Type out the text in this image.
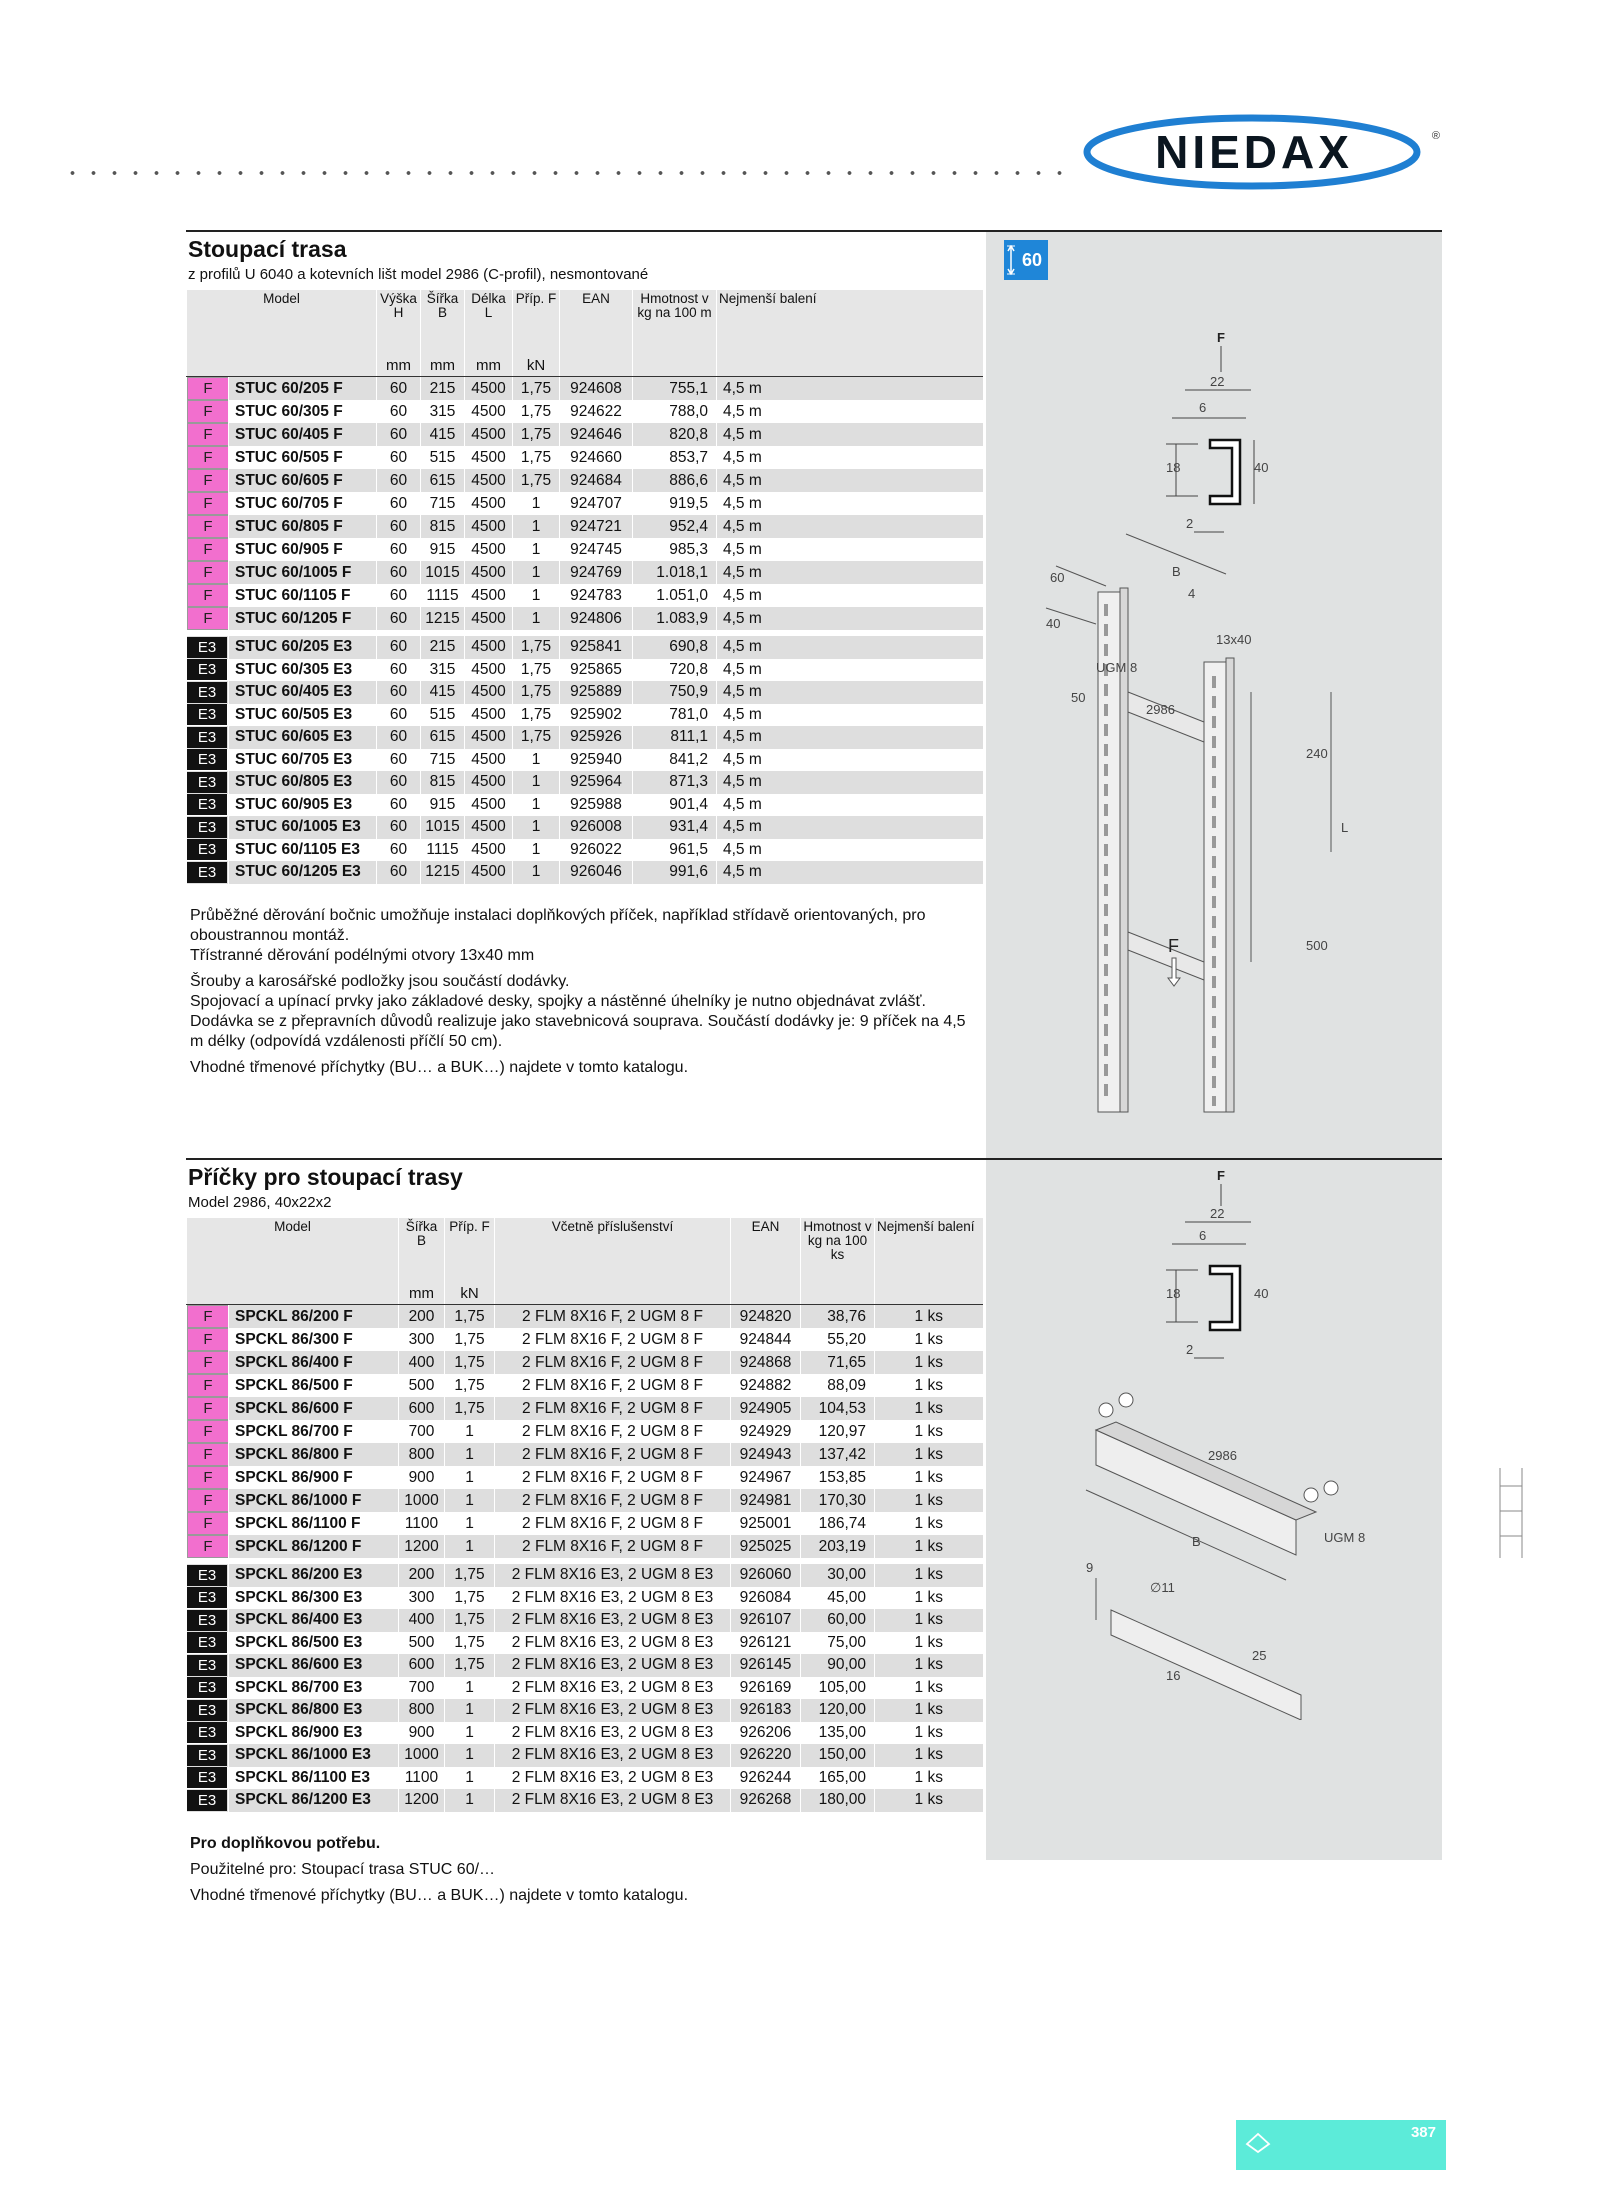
NIEDAX	®
Stoupací trasa
z profilů U 6040 a kotevních lišt model 2986 (C-profil), nesmontované
60
Model		Výška H	Šířka B	Délka L	Příp. F	EAN	Hmotnost v kg na 100 m	Nejmenší balení
		mm	mm	mm	kN			

F	STUC 60/205 F	60	215	4500	1,75	924608	755,1	4,5 m

F	STUC 60/305 F	60	315	4500	1,75	924622	788,0	4,5 m

F	STUC 60/405 F	60	415	4500	1,75	924646	820,8	4,5 m

F	STUC 60/505 F	60	515	4500	1,75	924660	853,7	4,5 m

F	STUC 60/605 F	60	615	4500	1,75	924684	886,6	4,5 m

F	STUC 60/705 F	60	715	4500	1	924707	919,5	4,5 m

F	STUC 60/805 F	60	815	4500	1	924721	952,4	4,5 m

F	STUC 60/905 F	60	915	4500	1	924745	985,3	4,5 m

F	STUC 60/1005 F	60	1015	4500	1	924769	1.018,1	4,5 m

F	STUC 60/1105 F	60	1115	4500	1	924783	1.051,0	4,5 m

F	STUC 60/1205 F	60	1215	4500	1	924806	1.083,9	4,5 m

E3	STUC 60/205 E3	60	215	4500	1,75	925841	690,8	4,5 m

E3	STUC 60/305 E3	60	315	4500	1,75	925865	720,8	4,5 m

E3	STUC 60/405 E3	60	415	4500	1,75	925889	750,9	4,5 m

E3	STUC 60/505 E3	60	515	4500	1,75	925902	781,0	4,5 m

E3	STUC 60/605 E3	60	615	4500	1,75	925926	811,1	4,5 m

E3	STUC 60/705 E3	60	715	4500	1	925940	841,2	4,5 m

E3	STUC 60/805 E3	60	815	4500	1	925964	871,3	4,5 m

E3	STUC 60/905 E3	60	915	4500	1	925988	901,4	4,5 m

E3	STUC 60/1005 E3	60	1015	4500	1	926008	931,4	4,5 m

E3	STUC 60/1105 E3	60	1115	4500	1	926022	961,5	4,5 m

E3	STUC 60/1205 E3	60	1215	4500	1	926046	991,6	4,5 m

Průběžné děrování bočnic umožňuje instalaci doplňkových příček, například střídavě orientovaných, pro oboustrannou montáž.

Třístranné děrování podélnými otvory 13x40 mm

Šrouby a karosářské podložky jsou součástí dodávky.

Spojovací a upínací prvky jako základové desky, spojky a nástěnné úhelníky je nutno objednávat zvlášť.

Dodávka se z přepravních důvodů realizuje jako stavebnicová souprava. Součástí dodávky je: 9 příček na 4,5 m délky (odpovídá vzdálenosti příčlí 50 cm).

Vhodné třmenové příchytky (BU… a BUK…) najdete v tomto katalogu.

F
22
6
18	40
2
60
40
B
4
13x40
UGM 8
50
2986
240
L
500
F
Příčky pro stoupací trasy
Model 2986, 40x22x2
Model		Šířka B	Příp. F	Včetně příslušenství	EAN	Hmotnost v kg na 100 ks	Nejmenší balení
		mm	kN				

F	SPCKL 86/200 F	200	1,75	2 FLM 8X16 F, 2 UGM 8 F	924820	38,76	1 ks

F	SPCKL 86/300 F	300	1,75	2 FLM 8X16 F, 2 UGM 8 F	924844	55,20	1 ks

F	SPCKL 86/400 F	400	1,75	2 FLM 8X16 F, 2 UGM 8 F	924868	71,65	1 ks

F	SPCKL 86/500 F	500	1,75	2 FLM 8X16 F, 2 UGM 8 F	924882	88,09	1 ks

F	SPCKL 86/600 F	600	1,75	2 FLM 8X16 F, 2 UGM 8 F	924905	104,53	1 ks

F	SPCKL 86/700 F	700	1	2 FLM 8X16 F, 2 UGM 8 F	924929	120,97	1 ks

F	SPCKL 86/800 F	800	1	2 FLM 8X16 F, 2 UGM 8 F	924943	137,42	1 ks

F	SPCKL 86/900 F	900	1	2 FLM 8X16 F, 2 UGM 8 F	924967	153,85	1 ks

F	SPCKL 86/1000 F	1000	1	2 FLM 8X16 F, 2 UGM 8 F	924981	170,30	1 ks

F	SPCKL 86/1100 F	1100	1	2 FLM 8X16 F, 2 UGM 8 F	925001	186,74	1 ks

F	SPCKL 86/1200 F	1200	1	2 FLM 8X16 F, 2 UGM 8 F	925025	203,19	1 ks

E3	SPCKL 86/200 E3	200	1,75	2 FLM 8X16 E3, 2 UGM 8 E3	926060	30,00	1 ks

E3	SPCKL 86/300 E3	300	1,75	2 FLM 8X16 E3, 2 UGM 8 E3	926084	45,00	1 ks

E3	SPCKL 86/400 E3	400	1,75	2 FLM 8X16 E3, 2 UGM 8 E3	926107	60,00	1 ks

E3	SPCKL 86/500 E3	500	1,75	2 FLM 8X16 E3, 2 UGM 8 E3	926121	75,00	1 ks

E3	SPCKL 86/600 E3	600	1,75	2 FLM 8X16 E3, 2 UGM 8 E3	926145	90,00	1 ks

E3	SPCKL 86/700 E3	700	1	2 FLM 8X16 E3, 2 UGM 8 E3	926169	105,00	1 ks

E3	SPCKL 86/800 E3	800	1	2 FLM 8X16 E3, 2 UGM 8 E3	926183	120,00	1 ks

E3	SPCKL 86/900 E3	900	1	2 FLM 8X16 E3, 2 UGM 8 E3	926206	135,00	1 ks

E3	SPCKL 86/1000 E3	1000	1	2 FLM 8X16 E3, 2 UGM 8 E3	926220	150,00	1 ks

E3	SPCKL 86/1100 E3	1100	1	2 FLM 8X16 E3, 2 UGM 8 E3	926244	165,00	1 ks

E3	SPCKL 86/1200 E3	1200	1	2 FLM 8X16 E3, 2 UGM 8 E3	926268	180,00	1 ks

Pro doplňkovou potřebu.

Použitelné pro: Stoupací trasa STUC 60/…

Vhodné třmenové příchytky (BU… a BUK…) najdete v tomto katalogu.

F
22
6
18	40
2
2986
B	UGM 8
9
∅11
25
16
387
